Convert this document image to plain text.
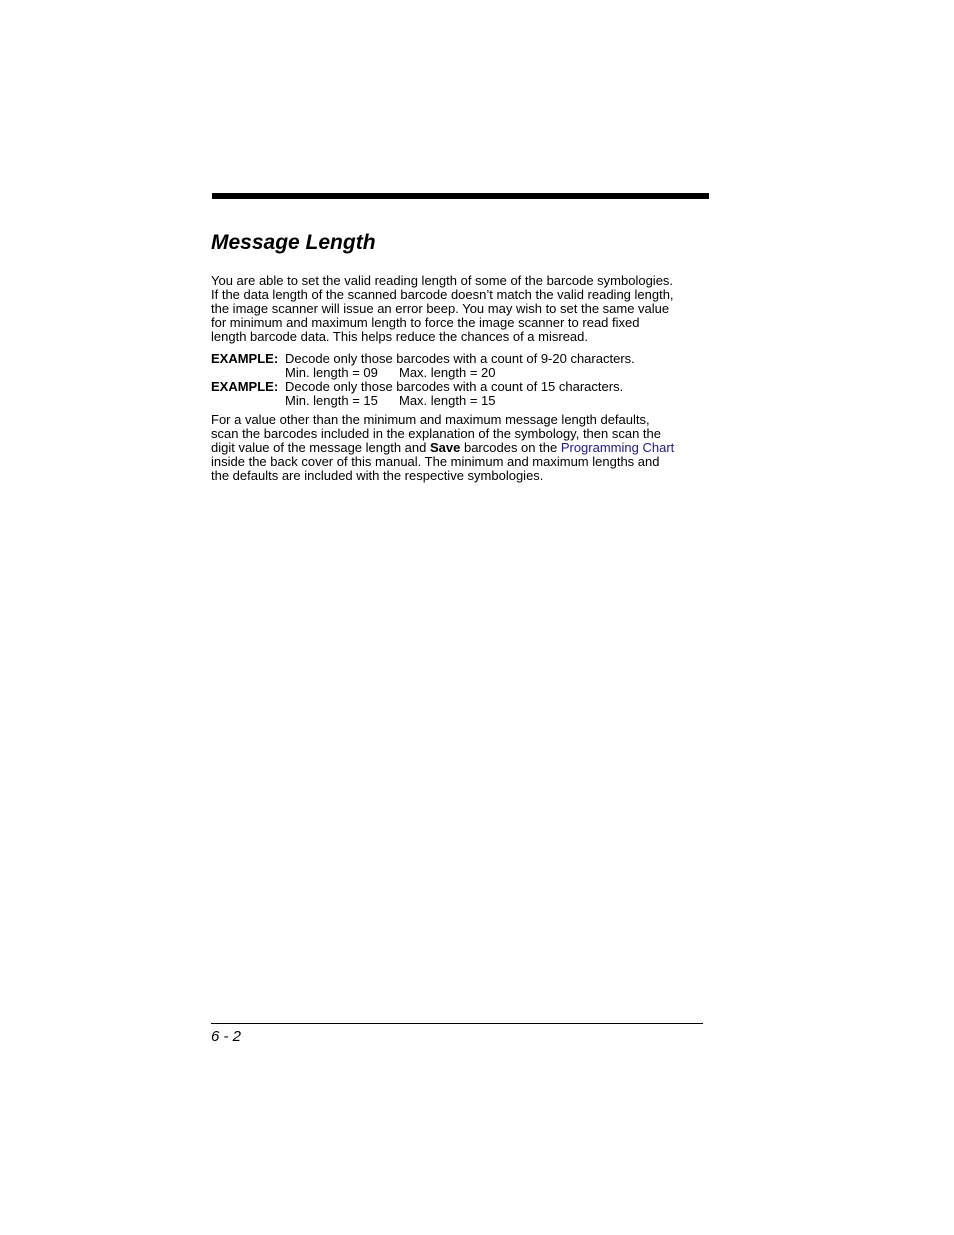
Message Length

You are able to set the valid reading length of some of the barcode symbologies.
If the data length of the scanned barcode doesn’t match the valid reading length,
the image scanner will issue an error beep. You may wish to set the same value
for minimum and maximum length to force the image scanner to read fixed
length barcode data. This helps reduce the chances of a misread.

EXAMPLE: Decode only those barcodes with a count of 9-20 characters.
Min. length = 09 Max. length = 20
EXAMPLE: Decode only those barcodes with a count of 15 characters.
Min. length = 15 Max. length = 15

For a value other than the minimum and maximum message length defaults,
scan the barcodes included in the explanation of the symbology, then scan the
digit value of the message length and Save barcodes on the Programming Chart
inside the back cover of this manual. The minimum and maximum lengths and
the defaults are included with the respective symbologies.

6 - 2
